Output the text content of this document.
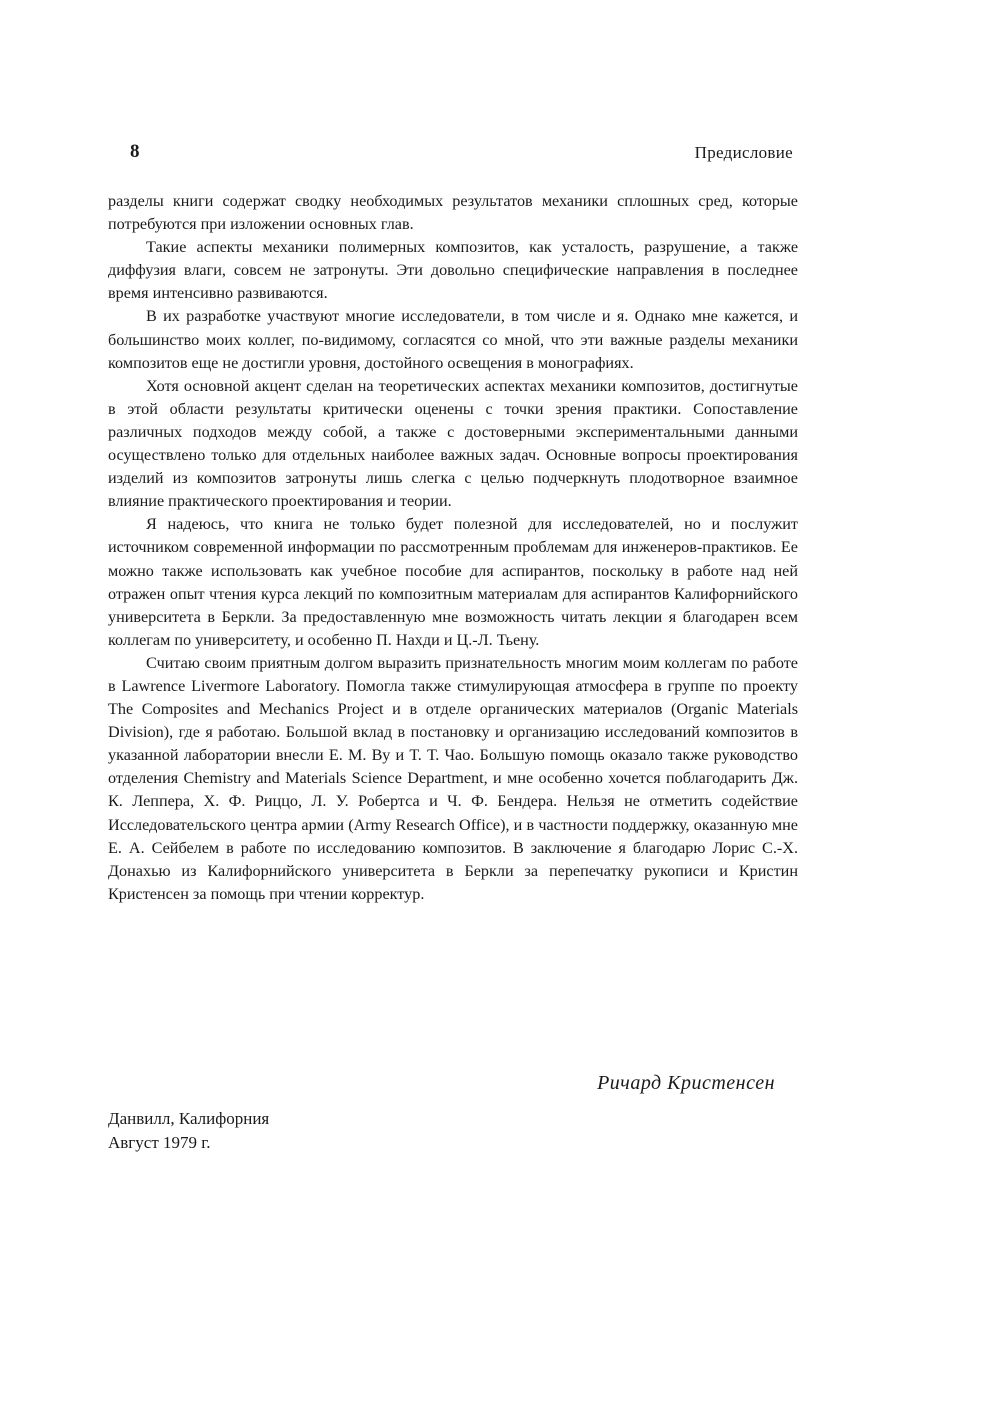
8	Предисловие

разделы книги содержат сводку необходимых результатов механики сплошных сред, которые потребуются при изложении основных глав.

Такие аспекты механики полимерных композитов, как усталость, разрушение, а также диффузия влаги, совсем не затронуты. Эти довольно специфические направления в последнее время интенсивно развиваются.

В их разработке участвуют многие исследователи, в том числе и я. Однако мне кажется, и большинство моих коллег, по-видимому, согласятся со мной, что эти важные разделы механики композитов еще не достигли уровня, достойного освещения в монографиях.

Хотя основной акцент сделан на теоретических аспектах механики композитов, достигнутые в этой области результаты критически оценены с точки зрения практики. Сопоставление различных подходов между собой, а также с достоверными экспериментальными данными осуществлено только для отдельных наиболее важных задач. Основные вопросы проектирования изделий из композитов затронуты лишь слегка с целью подчеркнуть плодотворное взаимное влияние практического проектирования и теории.

Я надеюсь, что книга не только будет полезной для исследователей, но и послужит источником современной информации по рассмотренным проблемам для инженеров-практиков. Ее можно также использовать как учебное пособие для аспирантов, поскольку в работе над ней отражен опыт чтения курса лекций по композитным материалам для аспирантов Калифорнийского университета в Беркли. За предоставленную мне возможность читать лекции я благодарен всем коллегам по университету, и особенно П. Нахди и Ц.-Л. Тьену.

Считаю своим приятным долгом выразить признательность многим моим коллегам по работе в Lawrence Livermore Laboratory. Помогла также стимулирующая атмосфера в группе по проекту The Composites and Mechanics Project и в отделе органических материалов (Organic Materials Division), где я работаю. Большой вклад в постановку и организацию исследований композитов в указанной лаборатории внесли Е. М. Ву и Т. Т. Чао. Большую помощь оказало также руководство отделения Chemistry and Materials Science Department, и мне особенно хочется поблагодарить Дж. К. Леппера, Х. Ф. Риццо, Л. У. Робертса и Ч. Ф. Бендера. Нельзя не отметить содействие Исследовательского центра армии (Army Research Office), и в частности поддержку, оказанную мне Е. А. Сейбелем в работе по исследованию композитов. В заключение я благодарю Лорис С.-Х. Донахью из Калифорнийского университета в Беркли за перепечатку рукописи и Кристин Кристенсен за помощь при чтении корректур.

Ричард Кристенсен
Данвилл, Калифорния
Август 1979 г.
